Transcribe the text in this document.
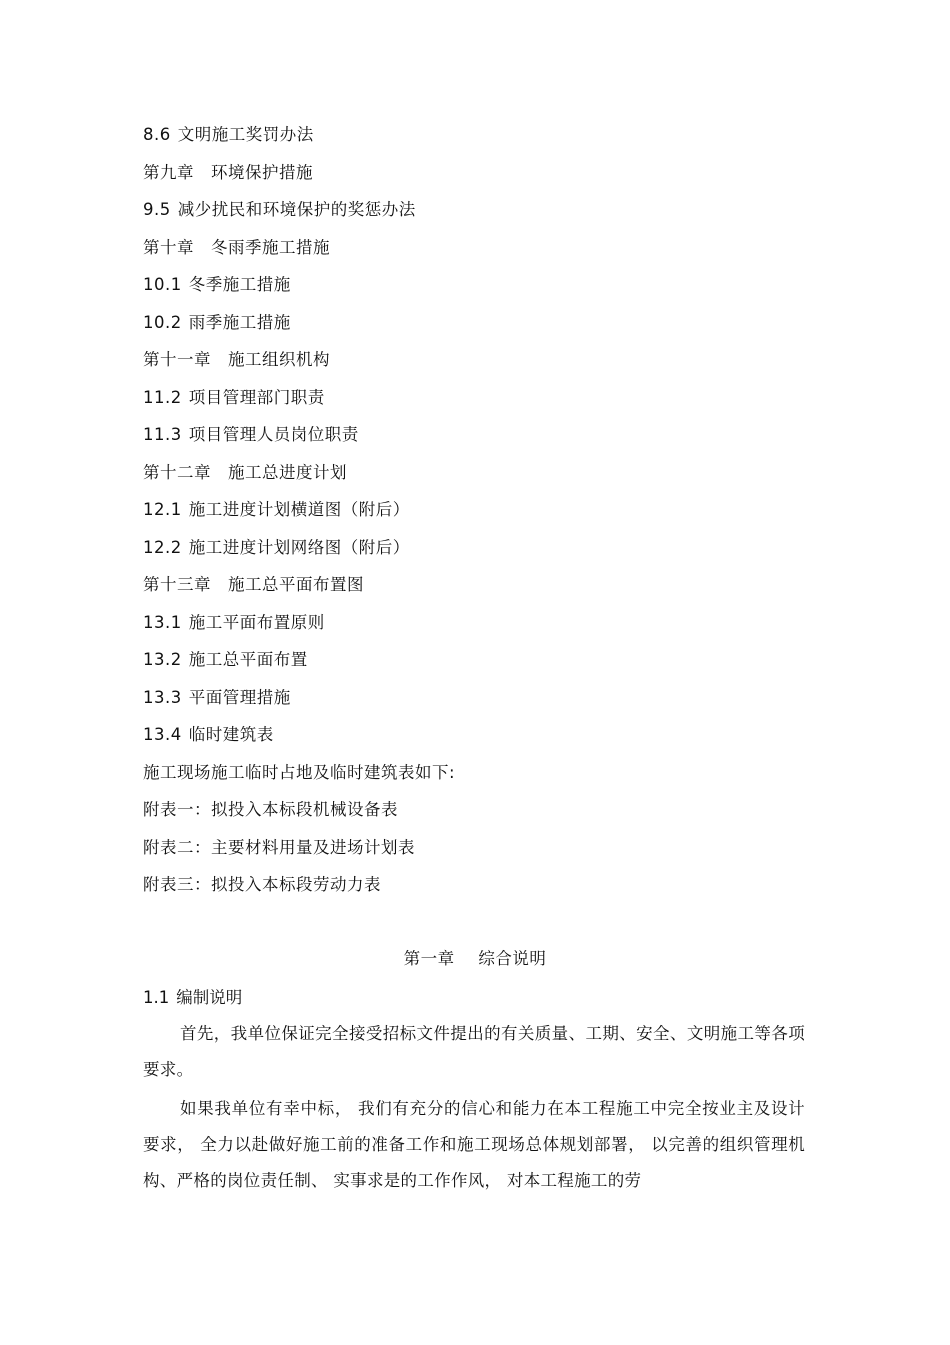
8.6 文明施工奖罚办法
第九章　环境保护措施
9.5 减少扰民和环境保护的奖惩办法
第十章　冬雨季施工措施
10.1 冬季施工措施
10.2 雨季施工措施
第十一章　施工组织机构
11.2 项目管理部门职责
11.3 项目管理人员岗位职责
第十二章　施工总进度计划
12.1 施工进度计划横道图（附后）
12.2 施工进度计划网络图（附后）
第十三章　施工总平面布置图
13.1 施工平面布置原则
13.2 施工总平面布置
13.3 平面管理措施
13.4 临时建筑表
施工现场施工临时占地及临时建筑表如下:
附表一：拟投入本标段机械设备表
附表二：主要材料用量及进场计划表
附表三：拟投入本标段劳动力表
第一章 综合说明
1.1 编制说明

首先，我单位保证完全接受招标文件提出的有关质量、工期、安全、文明施工等各项要求。

如果我单位有幸中标， 我们有充分的信心和能力在本工程施工中完全按业主及设计要求， 全力以赴做好施工前的准备工作和施工现场总体规划部署， 以完善的组织管理机构、严格的岗位责任制、 实事求是的工作作风， 对本工程施工的劳
